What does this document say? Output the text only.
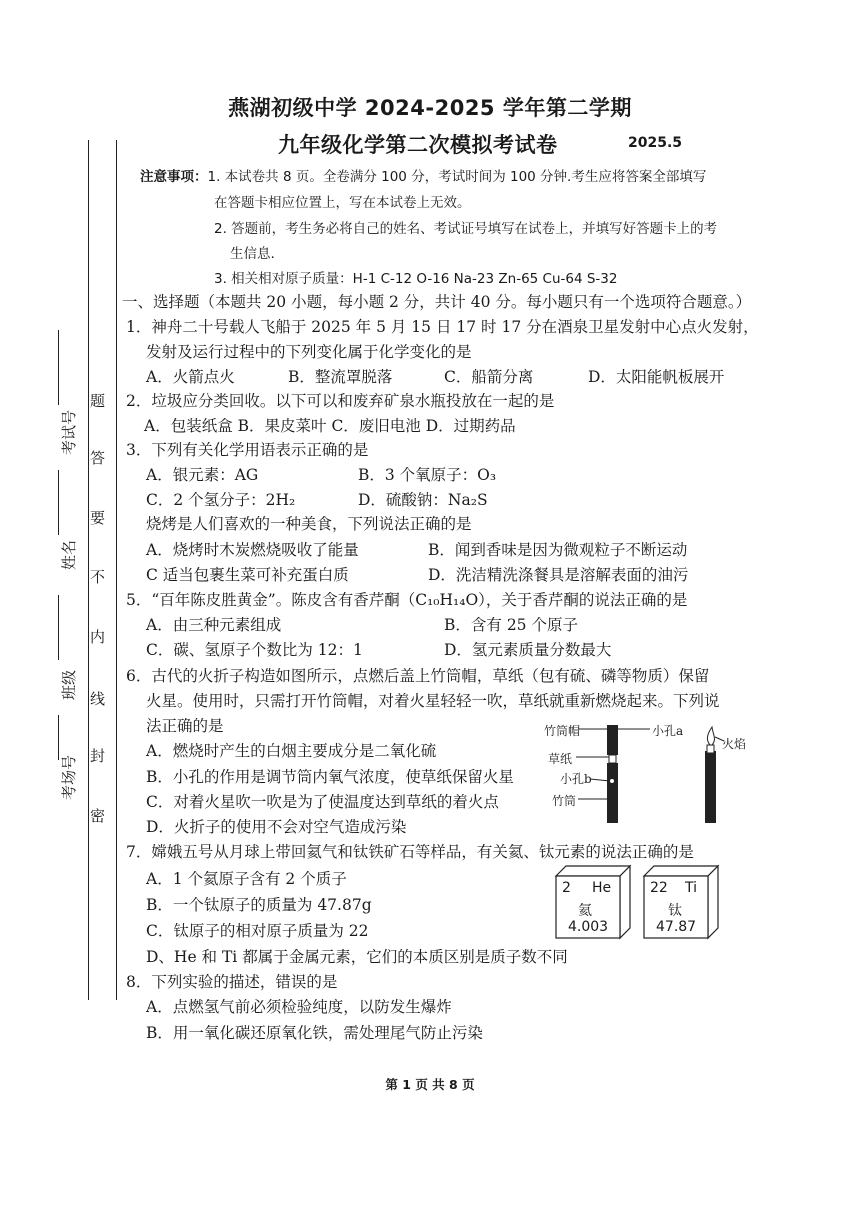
燕湖初级中学 2024-2025 学年第二学期
九年级化学第二次模拟考试卷	2025.5
注意事项：1. 本试卷共 8 页。全卷满分 100 分，考试时间为 100 分钟.考生应将答案全部填写
在答题卡相应位置上，写在本试卷上无效。
2. 答题前，考生务必将自己的姓名、考试证号填写在试卷上，并填写好答题卡上的考
生信息.
3. 相关相对原子质量：H-1 C-12 O-16 Na-23 Zn-65 Cu-64 S-32
一、选择题（本题共 20 小题，每小题 2 分，共计 40 分。每小题只有一个选项符合题意。）
1．神舟二十号载人飞船于 2025 年 5 月 15 日 17 时 17 分在酒泉卫星发射中心点火发射，
发射及运行过程中的下列变化属于化学变化的是
A．火箭点火	B．整流罩脱落	C．船箭分离	D．太阳能帆板展开
2．垃圾应分类回收。以下可以和废弃矿泉水瓶投放在一起的是
A．包装纸盒 B．果皮菜叶 C．废旧电池 D．过期药品
3．下列有关化学用语表示正确的是
A．银元素：AG	B．3 个氧原子：O₃
C．2 个氢分子：2H₂	D．硫酸钠：Na₂S
烧烤是人们喜欢的一种美食，下列说法正确的是
A．烧烤时木炭燃烧吸收了能量	B．闻到香味是因为微观粒子不断运动
C 适当包裹生菜可补充蛋白质	D．洗洁精洗涤餐具是溶解表面的油污
5．“百年陈皮胜黄金”。陈皮含有香芹酮（C₁₀H₁₄O），关于香芹酮的说法正确的是
A．由三种元素组成	B．含有 25 个原子
C．碳、氢原子个数比为 12：1	D．氢元素质量分数最大
6．古代的火折子构造如图所示，点燃后盖上竹筒帽，草纸（包有硫、磷等物质）保留
火星。使用时，只需打开竹筒帽，对着火星轻轻一吹，草纸就重新燃烧起来。下列说
法正确的是
A．燃烧时产生的白烟主要成分是二氧化硫
B．小孔的作用是调节筒内氧气浓度，使草纸保留火星
C．对着火星吹一吹是为了使温度达到草纸的着火点
D．火折子的使用不会对空气造成污染
竹筒帽	小孔a
草纸
小孔b
竹筒
火焰
7．嫦娥五号从月球上带回氦气和钛铁矿石等样品，有关氦、钛元素的说法正确的是
A．1 个氦原子含有 2 个质子
B．一个钛原子的质量为 47.87g
C．钛原子的相对原子质量为 22
D、He 和 Ti 都属于金属元素，它们的本质区别是质子数不同
2 He
氦
4.003
22 Ti
钛
47.87
8．下列实验的描述，错误的是
A．点燃氢气前必须检验纯度，以防发生爆炸
B．用一氧化碳还原氧化铁，需处理尾气防止污染
考试号
姓名
班级
考场号
题
答
要
不
内
线
封
密
第 1 页 共 8 页
